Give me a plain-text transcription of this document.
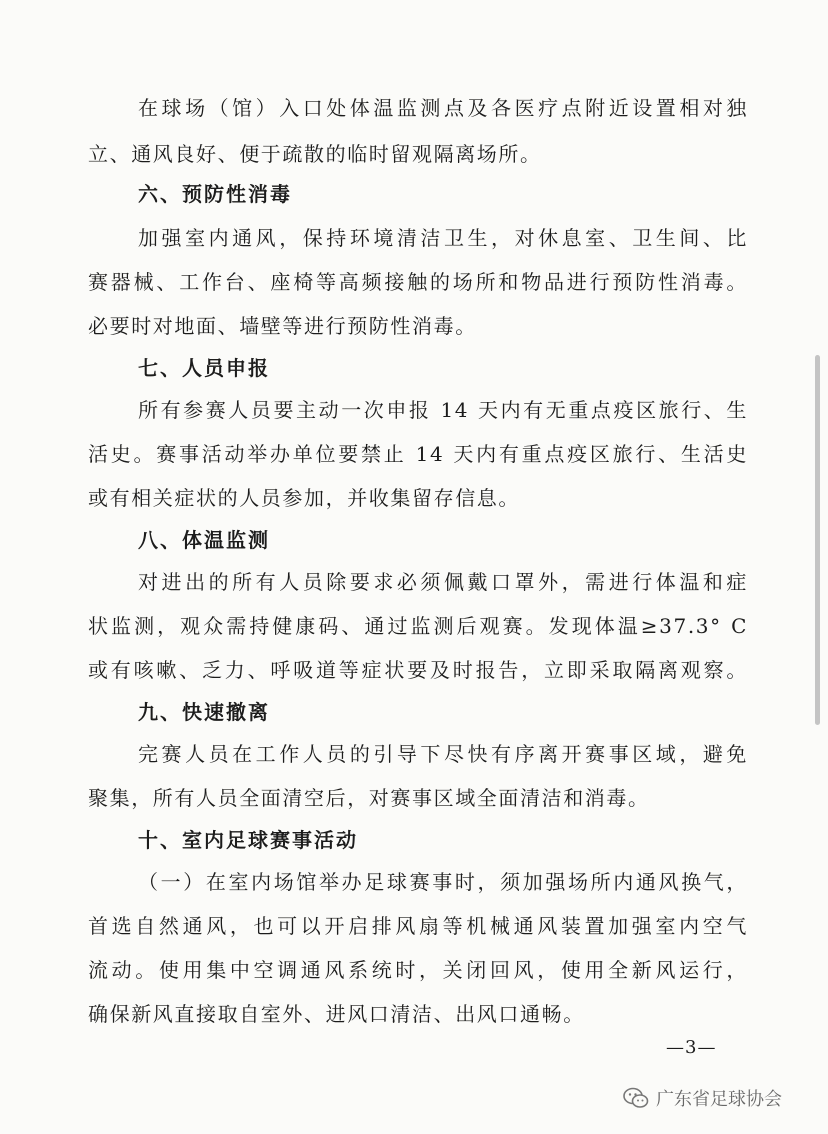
在球场（馆）入口处体温监测点及各医疗点附近设置相对独
立、通风良好、便于疏散的临时留观隔离场所。
六、预防性消毒
加强室内通风，保持环境清洁卫生，对休息室、卫生间、比
赛器械、工作台、座椅等高频接触的场所和物品进行预防性消毒。
必要时对地面、墙壁等进行预防性消毒。
七、人员申报
所有参赛人员要主动一次申报 14 天内有无重点疫区旅行、生
活史。赛事活动举办单位要禁止 14 天内有重点疫区旅行、生活史
或有相关症状的人员参加，并收集留存信息。
八、体温监测
对进出的所有人员除要求必须佩戴口罩外，需进行体温和症
状监测，观众需持健康码、通过监测后观赛。发现体温≥37.3° C
或有咳嗽、乏力、呼吸道等症状要及时报告，立即采取隔离观察。
九、快速撤离
完赛人员在工作人员的引导下尽快有序离开赛事区域，避免
聚集，所有人员全面清空后，对赛事区域全面清洁和消毒。
十、室内足球赛事活动
（一）在室内场馆举办足球赛事时，须加强场所内通风换气，
首选自然通风，也可以开启排风扇等机械通风装置加强室内空气
流动。使用集中空调通风系统时，关闭回风，使用全新风运行，
确保新风直接取自室外、进风口清洁、出风口通畅。
—3—
广东省足球协会
